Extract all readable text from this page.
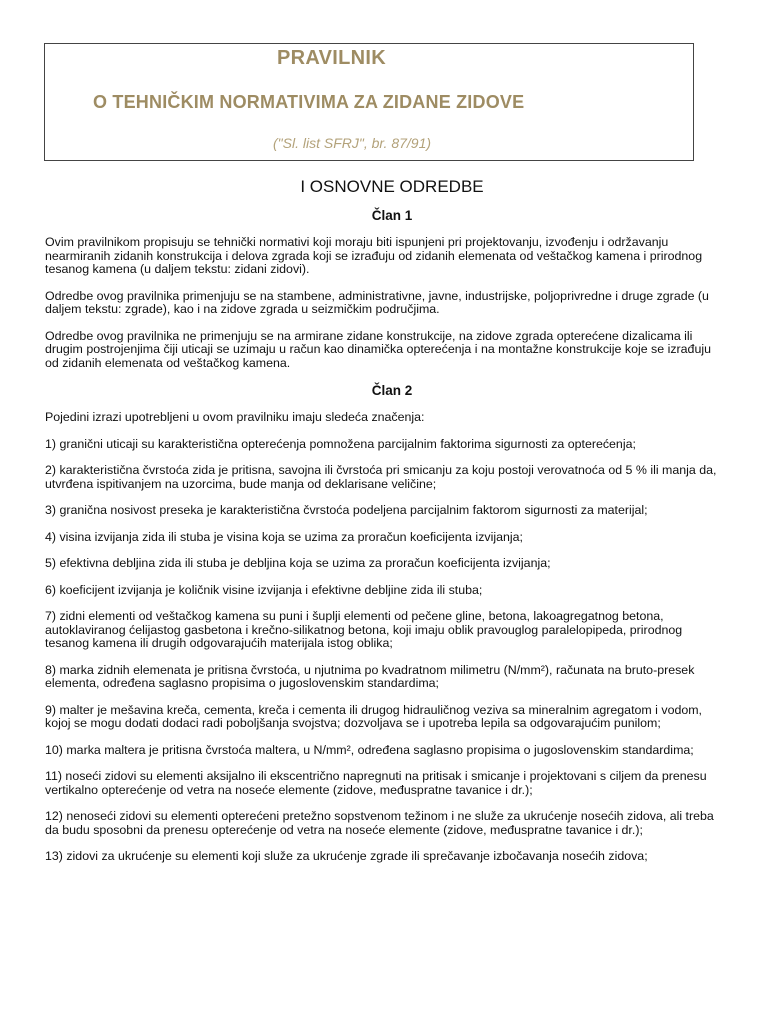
PRAVILNIK
O TEHNIČKIM NORMATIVIMA ZA ZIDANE ZIDOVE
("Sl. list SFRJ", br. 87/91)
I OSNOVNE ODREDBE
Član 1

Ovim pravilnikom propisuju se tehnički normativi koji moraju biti ispunjeni pri projektovanju, izvođenju i održavanju nearmiranih zidanih konstrukcija i delova zgrada koji se izrađuju od zidanih elemenata od veštačkog kamena i prirodnog tesanog kamena (u daljem tekstu: zidani zidovi).

Odredbe ovog pravilnika primenjuju se na stambene, administrativne, javne, industrijske, poljoprivredne i druge zgrade (u daljem tekstu: zgrade), kao i na zidove zgrada u seizmičkim područjima.

Odredbe ovog pravilnika ne primenjuju se na armirane zidane konstrukcije, na zidove zgrada opterećene dizalicama ili drugim postrojenjima čiji uticaji se uzimaju u račun kao dinamička opterećenja i na montažne konstrukcije koje se izrađuju od zidanih elemenata od veštačkog kamena.

Član 2

Pojedini izrazi upotrebljeni u ovom pravilniku imaju sledeća značenja:

1) granični uticaji su karakteristična opterećenja pomnožena parcijalnim faktorima sigurnosti za opterećenja;

2) karakteristična čvrstoća zida je pritisna, savojna ili čvrstoća pri smicanju za koju postoji verovatnoća od 5 % ili manja da, utvrđena ispitivanjem na uzorcima, bude manja od deklarisane veličine;

3) granična nosivost preseka je karakteristična čvrstoća podeljena parcijalnim faktorom sigurnosti za materijal;

4) visina izvijanja zida ili stuba je visina koja se uzima za proračun koeficijenta izvijanja;

5) efektivna debljina zida ili stuba je debljina koja se uzima za proračun koeficijenta izvijanja;

6) koeficijent izvijanja je količnik visine izvijanja i efektivne debljine zida ili stuba;

7) zidni elementi od veštačkog kamena su puni i šuplji elementi od pečene gline, betona, lakoagregatnog betona, autoklaviranog ćelijastog gasbetona i krečno-silikatnog betona, koji imaju oblik pravouglog paralelopipeda, prirodnog tesanog kamena ili drugih odgovarajućih materijala istog oblika;

8) marka zidnih elemenata je pritisna čvrstoća, u njutnima po kvadratnom milimetru (N/mm²), računata na bruto-presek elementa, određena saglasno propisima o jugoslovenskim standardima;

9) malter je mešavina kreča, cementa, kreča i cementa ili drugog hidrauličnog veziva sa mineralnim agregatom i vodom, kojoj se mogu dodati dodaci radi poboljšanja svojstva; dozvoljava se i upotreba lepila sa odgovarajućim punilom;

10) marka maltera je pritisna čvrstoća maltera, u N/mm², određena saglasno propisima o jugoslovenskim standardima;

11) noseći zidovi su elementi aksijalno ili ekscentrično napregnuti na pritisak i smicanje i projektovani s ciljem da prenesu vertikalno opterećenje od vetra na noseće elemente (zidove, međuspratne tavanice i dr.);

12) nenoseći zidovi su elementi opterećeni pretežno sopstvenom težinom i ne služe za ukrućenje nosećih zidova, ali treba da budu sposobni da prenesu opterećenje od vetra na noseće elemente (zidove, međuspratne tavanice i dr.);

13) zidovi za ukrućenje su elementi koji služe za ukrućenje zgrade ili sprečavanje izbočavanja nosećih zidova;
